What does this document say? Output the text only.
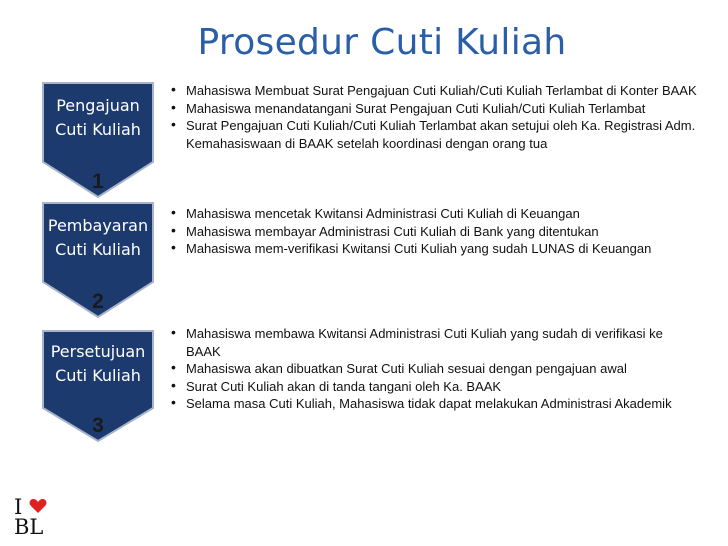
Prosedur Cuti Kuliah
Pengajuan
Cuti Kuliah
1
• Mahasiswa Membuat Surat Pengajuan Cuti Kuliah/Cuti Kuliah Terlambat di Konter BAAK
• Mahasiswa menandatangani Surat Pengajuan Cuti Kuliah/Cuti Kuliah Terlambat
• Surat Pengajuan Cuti Kuliah/Cuti Kuliah Terlambat akan setujui oleh Ka. Registrasi Adm. Kemahasiswaan di BAAK setelah koordinasi dengan orang tua
Pembayaran
Cuti Kuliah
2
• Mahasiswa mencetak Kwitansi Administrasi Cuti Kuliah di Keuangan
• Mahasiswa membayar Administrasi Cuti Kuliah di Bank yang ditentukan
• Mahasiswa mem-verifikasi Kwitansi Cuti Kuliah yang sudah LUNAS di Keuangan
Persetujuan
Cuti Kuliah
3
• Mahasiswa membawa Kwitansi Administrasi Cuti Kuliah yang sudah di verifikasi ke BAAK
• Mahasiswa akan dibuatkan Surat Cuti Kuliah sesuai dengan pengajuan awal
• Surat Cuti Kuliah akan di tanda tangani oleh Ka. BAAK
• Selama masa Cuti Kuliah, Mahasiswa tidak dapat melakukan Administrasi Akademik
I
BL
